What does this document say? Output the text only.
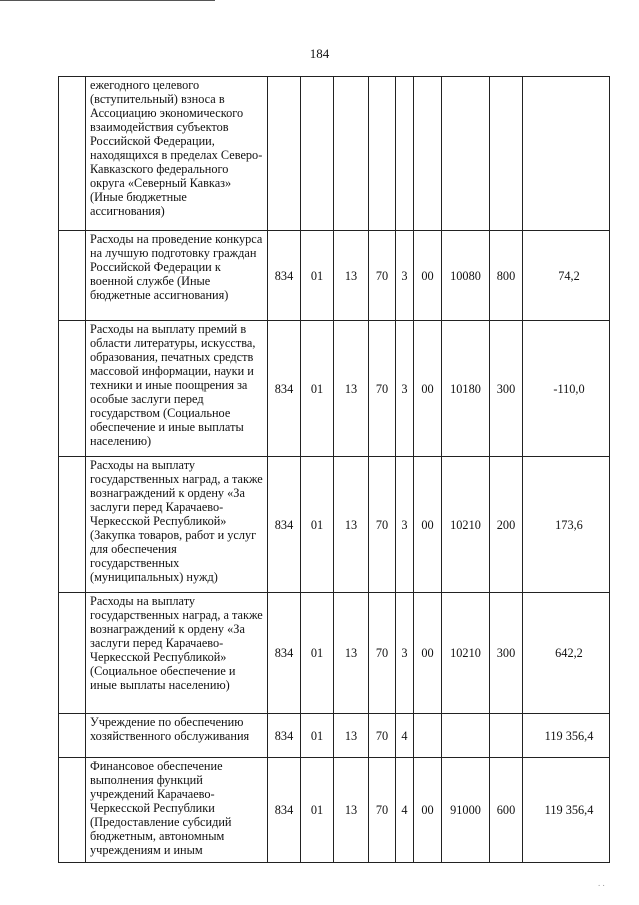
184
	ежегодного целевого (вступительный) взноса в Ассоциацию экономического взаимодействия субъектов Российской Федерации, находящихся в пределах Северо-Кавказского федерального округа «Северный Кавказ» (Иные бюджетные ассигнования)									
	Расходы на проведение конкурса на лучшую подготовку граждан Российской Федерации к военной службе (Иные бюджетные ассигнования)	834	01	13	70	3	00	10080	800	74,2
	Расходы на выплату премий в области литературы, искусства, образования, печатных средств массовой информации, науки и техники и иные поощрения за особые заслуги перед государством (Социальное обеспечение и иные выплаты населению)	834	01	13	70	3	00	10180	300	-110,0
	Расходы на выплату государственных наград, а также вознаграждений к ордену «За заслуги перед Карачаево-Черкесской Республикой» (Закупка товаров, работ и услуг для обеспечения государственных (муниципальных) нужд)	834	01	13	70	3	00	10210	200	173,6
	Расходы на выплату государственных наград, а также вознаграждений к ордену «За заслуги перед Карачаево-Черкесской Республикой» (Социальное обеспечение и иные выплаты населению)	834	01	13	70	3	00	10210	300	642,2
	Учреждение по обеспечению хозяйственного обслуживания	834	01	13	70	4				119 356,4
	Финансовое обеспечение выполнения функций учреждений Карачаево-Черкесской Республики (Предоставление субсидий бюджетным, автономным учреждениям и иным	834	01	13	70	4	00	91000	600	119 356,4
. .
